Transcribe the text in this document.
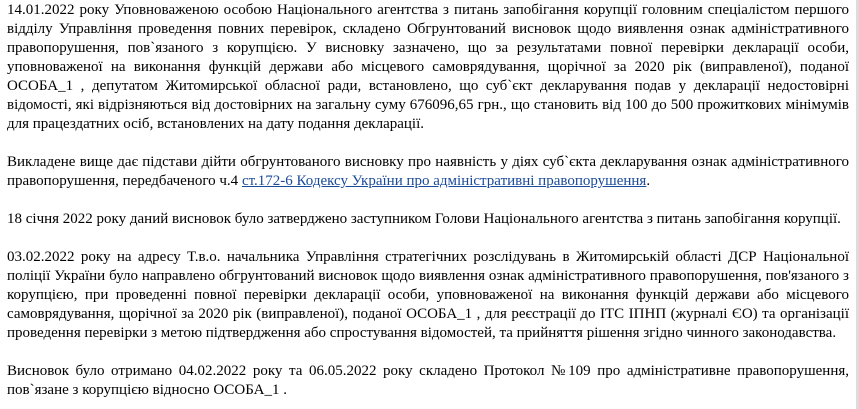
14.01.2022 року Уповноваженою особою Національного агентства з питань запобігання корупції головним спеціалістом першого відділу Управління проведення повних перевірок, складено Обгрунтований висновок щодо виявлення ознак адміністративного правопорушення, пов`язаного з корупцією. У висновку зазначено, що за результатами повної перевірки декларації особи, уповноваженої на виконання функцій держави або місцевого самоврядування, щорічної за 2020 рік (виправленої), поданої ОСОБА_1 , депутатом Житомирської обласної ради, встановлено, що суб`єкт декларування подав у декларації недостовірні відомості, які відрізняються від достовірних на загальну суму 676096,65 грн., що становить від 100 до 500 прожиткових мінімумів для працездатних осіб, встановлених на дату подання декларації.

Викладене вище дає підстави дійти обгрунтованого висновку про наявність у діях суб`єкта декларування ознак адміністративного правопорушення, передбаченого ч.4 ст.172-6 Кодексу України про адміністративні правопорушення.

18 січня 2022 року даний висновок було затверджено заступником Голови Національного агентства з питань запобігання корупції.

03.02.2022 року на адресу Т.в.о. начальника Управління стратегічних розслідувань в Житомирській області ДСР Національної поліції України було направлено обгрунтований висновок щодо виявлення ознак адміністративного правопорушення, пов'язаного з корупцією, при проведенні повної перевірки декларації особи, уповноваженої на виконання функцій держави або місцевого самоврядування, щорічної за 2020 рік (виправленої), поданої ОСОБА_1 , для реєстрації до ІТС ІПНП (журналі ЄО) та організації проведення перевірки з метою підтвердження або спростування відомостей, та прийняття рішення згідно чинного законодавства.

Висновок було отримано 04.02.2022 року та 06.05.2022 року складено Протокол №109 про адміністративне правопорушення, пов`язане з корупцією відносно ОСОБА_1 .
